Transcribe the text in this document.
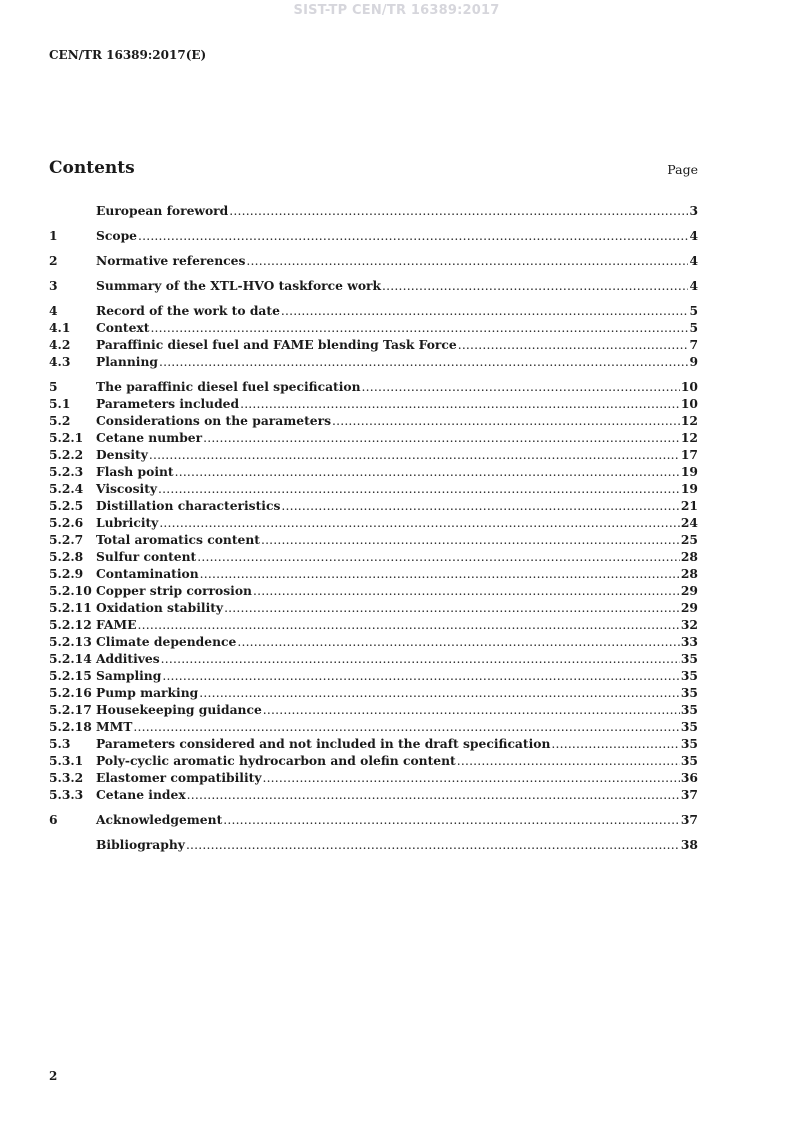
SIST-TP CEN/TR 16389:2017
CEN/TR 16389:2017(E)
Contents	Page
European foreword .....	3
1	Scope .....	4
2	Normative references .....	4
3	Summary of the XTL-HVO taskforce work .....	4
4	Record of the work to date .....	5
4.1	Context .....	5
4.2	Paraffinic diesel fuel and FAME blending Task Force .....	7
4.3	Planning .....	9
5	The paraffinic diesel fuel specification .....	10
5.1	Parameters included .....	10
5.2	Considerations on the parameters .....	12
5.2.1	Cetane number .....	12
5.2.2	Density .....	17
5.2.3	Flash point .....	19
5.2.4	Viscosity .....	19
5.2.5	Distillation characteristics .....	21
5.2.6	Lubricity .....	24
5.2.7	Total aromatics content .....	25
5.2.8	Sulfur content .....	28
5.2.9	Contamination .....	28
5.2.10 Copper strip corrosion .....	29
5.2.11 Oxidation stability .....	29
5.2.12 FAME .....	32
5.2.13 Climate dependence .....	33
5.2.14 Additives .....	35
5.2.15 Sampling .....	35
5.2.16 Pump marking .....	35
5.2.17 Housekeeping guidance .....	35
5.2.18 MMT .....	35
5.3	Parameters considered and not included in the draft specification .....	35
5.3.1	Poly-cyclic aromatic hydrocarbon and olefin content .....	35
5.3.2	Elastomer compatibility .....	36
5.3.3	Cetane index .....	37
6	Acknowledgement .....	37
Bibliography .....	38
2
